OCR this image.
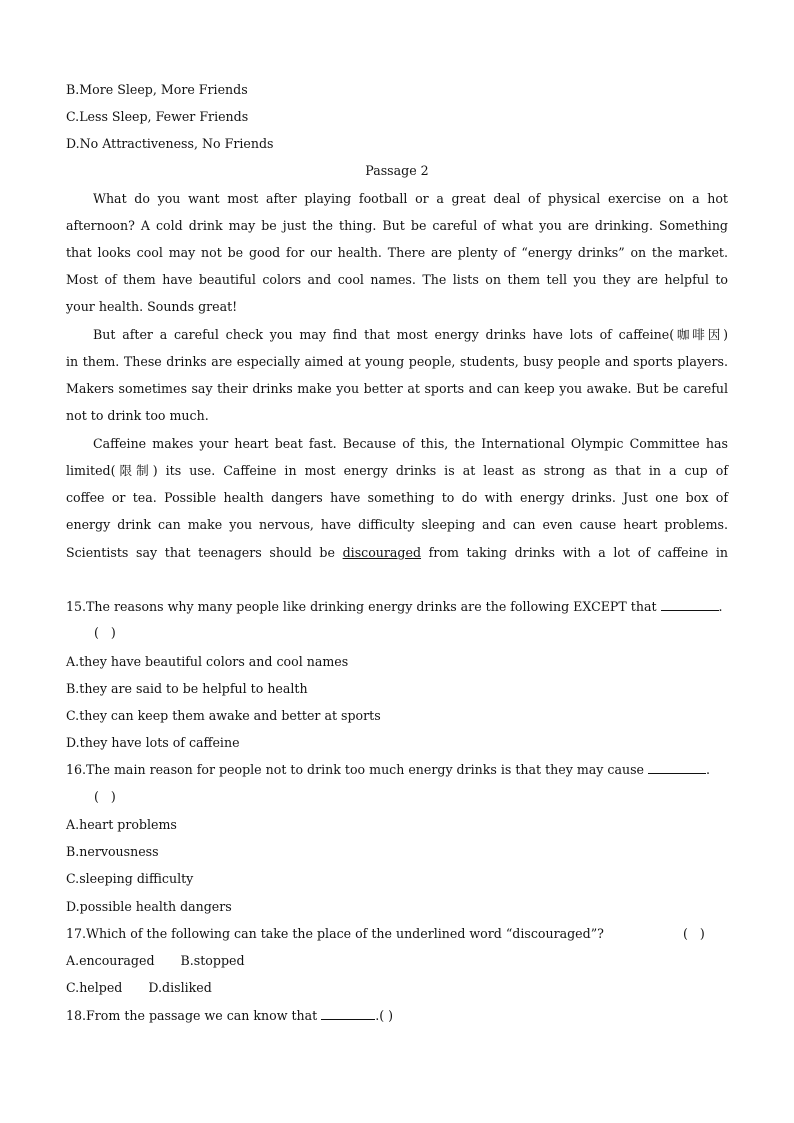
B.More Sleep, More Friends
C.Less Sleep, Fewer Friends
D.No Attractiveness, No Friends
Passage 2
What do you want most after playing football or a great deal of physical exercise on a hot
afternoon? A cold drink may be just the thing. But be careful of what you are drinking. Something
that looks cool may not be good for our health. There are plenty of “energy drinks” on the market.
Most of them have beautiful colors and cool names. The lists on them tell you they are helpful to
your health. Sounds great!
But after a careful check you may find that most energy drinks have lots of caffeine(咖啡因)
in them. These drinks are especially aimed at young people, students, busy people and sports players.
Makers sometimes say their drinks make you better at sports and can keep you awake. But be careful
not to drink too much.
Caffeine makes your heart beat fast. Because of this, the International Olympic Committee has
limited(限制) its use. Caffeine in most energy drinks is at least as strong as that in a cup of
coffee or tea. Possible health dangers have something to do with energy drinks. Just one box of
energy drink can make you nervous, have difficulty sleeping and can even cause heart problems.
Scientists say that teenagers should be discouraged from taking drinks with a lot of caffeine in
15.The reasons why many people like drinking energy drinks are the following EXCEPT that	.
(   )
A.they have beautiful colors and cool names
B.they are said to be helpful to health
C.they can keep them awake and better at sports
D.they have lots of caffeine
16.The main reason for people not to drink too much energy drinks is that they may cause	.
(   )
A.heart problems
B.nervousness
C.sleeping difficulty
D.possible health dangers
17.Which of the following can take the place of the underlined word “discouraged”?	(   )
A.encouraged B.stopped
C.helped D.disliked
18.From the passage we can know that	.( )
